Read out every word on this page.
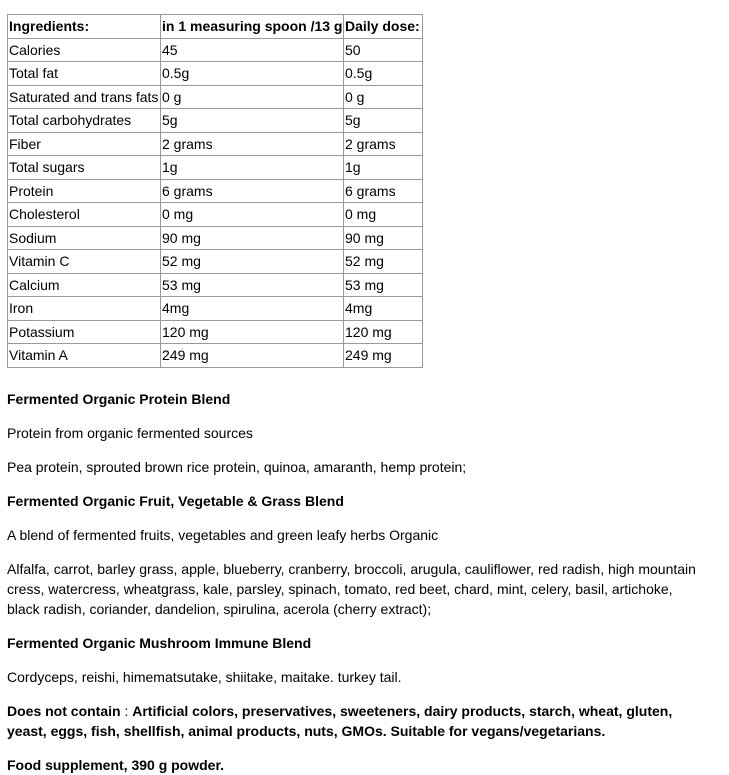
Ingredients:	in 1 measuring spoon /13 g	Daily dose:
Calories	45	50
Total fat	0.5g	0.5g
Saturated and trans fats	0 g	0 g
Total carbohydrates	5g	5g
Fiber	2 grams	2 grams
Total sugars	1g	1g
Protein	6 grams	6 grams
Cholesterol	0 mg	0 mg
Sodium	90 mg	90 mg
Vitamin C	52 mg	52 mg
Calcium	53 mg	53 mg
Iron	4mg	4mg
Potassium	120 mg	120 mg
Vitamin A	249 mg	249 mg

Fermented Organic Protein Blend

Protein from organic fermented sources

Pea protein, sprouted brown rice protein, quinoa, amaranth, hemp protein;

Fermented Organic Fruit, Vegetable & Grass Blend

A blend of fermented fruits, vegetables and green leafy herbs Organic

Alfalfa, carrot, barley grass, apple, blueberry, cranberry, broccoli, arugula, cauliflower, red radish, high mountain cress, watercress, wheatgrass, kale, parsley, spinach, tomato, red beet, chard, mint, celery, basil, artichoke, black radish, coriander, dandelion, spirulina, acerola (cherry extract);

Fermented Organic Mushroom Immune Blend

Cordyceps, reishi, himematsutake, shiitake, maitake. turkey tail.

Does not contain : Artificial colors, preservatives, sweeteners, dairy products, starch, wheat, gluten, yeast, eggs, fish, shellfish, animal products, nuts, GMOs. Suitable for vegans/vegetarians.

Food supplement, 390 g powder.
